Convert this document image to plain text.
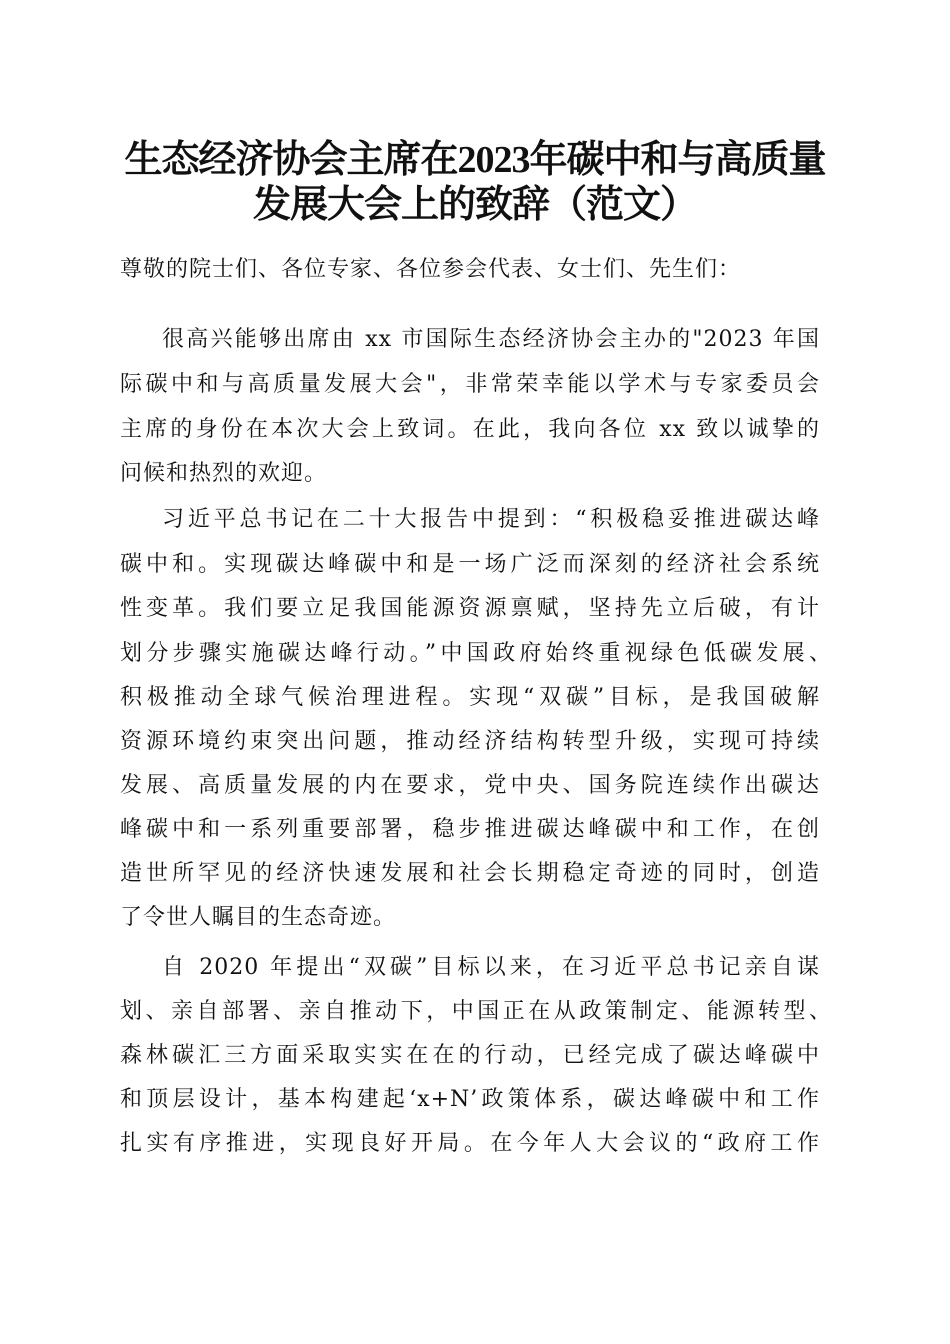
生态经济协会主席在2023年碳中和与高质量
发展大会上的致辞（范文）
尊敬的院士们、各位专家、各位参会代表、女士们、先生们：
很高兴能够出席由 xx 市国际生态经济协会主办的"2023 年国
际碳中和与高质量发展大会"，非常荣幸能以学术与专家委员会
主席的身份在本次大会上致词。在此，我向各位 xx 致以诚挚的
问候和热烈的欢迎。
习近平总书记在二十大报告中提到：“积极稳妥推进碳达峰
碳中和。实现碳达峰碳中和是一场广泛而深刻的经济社会系统
性变革。我们要立足我国能源资源禀赋，坚持先立后破，有计
划分步骤实施碳达峰行动。”中国政府始终重视绿色低碳发展、
积极推动全球气候治理进程。实现“双碳”目标，是我国破解
资源环境约束突出问题，推动经济结构转型升级，实现可持续
发展、高质量发展的内在要求，党中央、国务院连续作出碳达
峰碳中和一系列重要部署，稳步推进碳达峰碳中和工作，在创
造世所罕见的经济快速发展和社会长期稳定奇迹的同时，创造
了令世人瞩目的生态奇迹。
自 2020 年提出“双碳”目标以来，在习近平总书记亲自谋
划、亲自部署、亲自推动下，中国正在从政策制定、能源转型、
森林碳汇三方面采取实实在在的行动，已经完成了碳达峰碳中
和顶层设计，基本构建起‘x+N’政策体系，碳达峰碳中和工作
扎实有序推进，实现良好开局。在今年人大会议的“政府工作
